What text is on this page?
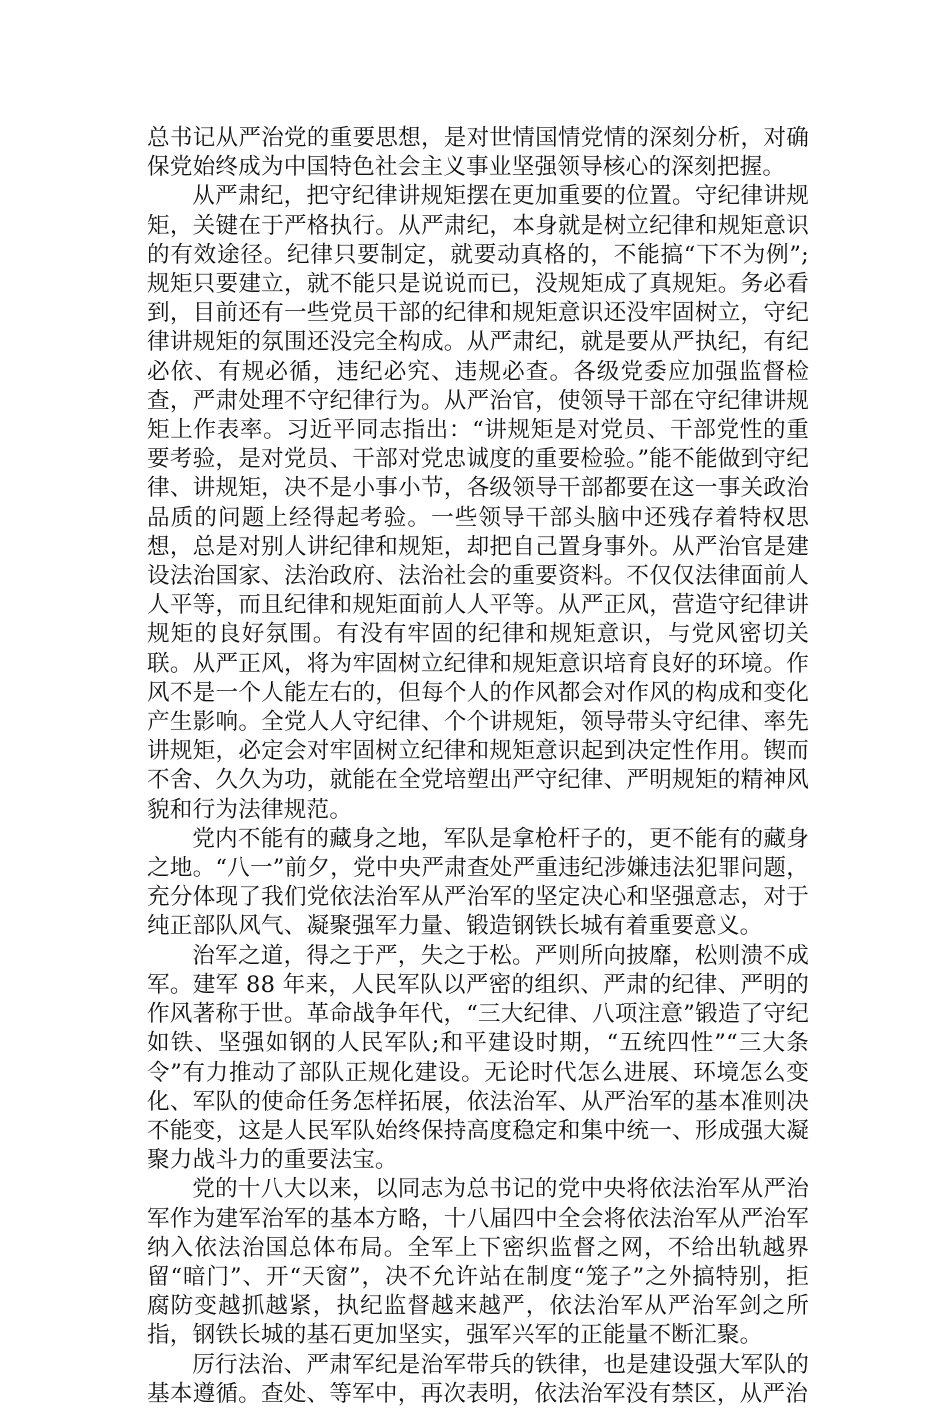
总书记从严治党的重要思想，是对世情国情党情的深刻分析，对确保党始终成为中国特色社会主义事业坚强领导核心的深刻把握。

从严肃纪，把守纪律讲规矩摆在更加重要的位置。守纪律讲规矩，关键在于严格执行。从严肃纪，本身就是树立纪律和规矩意识的有效途径。纪律只要制定，就要动真格的，不能搞“下不为例”;规矩只要建立，就不能只是说说而已，没规矩成了真规矩。务必看到，目前还有一些党员干部的纪律和规矩意识还没牢固树立，守纪律讲规矩的氛围还没完全构成。从严肃纪，就是要从严执纪，有纪必依、有规必循，违纪必究、违规必查。各级党委应加强监督检查，严肃处理不守纪律行为。从严治官，使领导干部在守纪律讲规矩上作表率。习近平同志指出：“讲规矩是对党员、干部党性的重要考验，是对党员、干部对党忠诚度的重要检验。”能不能做到守纪律、讲规矩，决不是小事小节，各级领导干部都要在这一事关政治品质的问题上经得起考验。一些领导干部头脑中还残存着特权思想，总是对别人讲纪律和规矩，却把自己置身事外。从严治官是建设法治国家、法治政府、法治社会的重要资料。不仅仅法律面前人人平等，而且纪律和规矩面前人人平等。从严正风，营造守纪律讲规矩的良好氛围。有没有牢固的纪律和规矩意识，与党风密切关联。从严正风，将为牢固树立纪律和规矩意识培育良好的环境。作风不是一个人能左右的，但每个人的作风都会对作风的构成和变化产生影响。全党人人守纪律、个个讲规矩，领导带头守纪律、率先讲规矩，必定会对牢固树立纪律和规矩意识起到决定性作用。锲而不舍、久久为功，就能在全党培塑出严守纪律、严明规矩的精神风貌和行为法律规范。

党内不能有的藏身之地，军队是拿枪杆子的，更不能有的藏身之地。“八一”前夕，党中央严肃查处严重违纪涉嫌违法犯罪问题，充分体现了我们党依法治军从严治军的坚定决心和坚强意志，对于纯正部队风气、凝聚强军力量、锻造钢铁长城有着重要意义。

治军之道，得之于严，失之于松。严则所向披靡，松则溃不成军。建军 88 年来，人民军队以严密的组织、严肃的纪律、严明的作风著称于世。革命战争年代，“三大纪律、八项注意”锻造了守纪如铁、坚强如钢的人民军队;和平建设时期，“五统四性”“三大条令”有力推动了部队正规化建设。无论时代怎么进展、环境怎么变化、军队的使命任务怎样拓展，依法治军、从严治军的基本准则决不能变，这是人民军队始终保持高度稳定和集中统一、形成强大凝聚力战斗力的重要法宝。

党的十八大以来，以同志为总书记的党中央将依法治军从严治军作为建军治军的基本方略，十八届四中全会将依法治军从严治军纳入依法治国总体布局。全军上下密织监督之网，不给出轨越界留“暗门”、开“天窗”，决不允许站在制度“笼子”之外搞特别，拒腐防变越抓越紧，执纪监督越来越严，依法治军从严治军剑之所指，钢铁长城的基石更加坚实，强军兴军的正能量不断汇聚。

厉行法治、严肃军纪是治军带兵的铁律，也是建设强大军队的基本遵循。查处、等军中，再次表明，依法治军没有禁区，从严治
